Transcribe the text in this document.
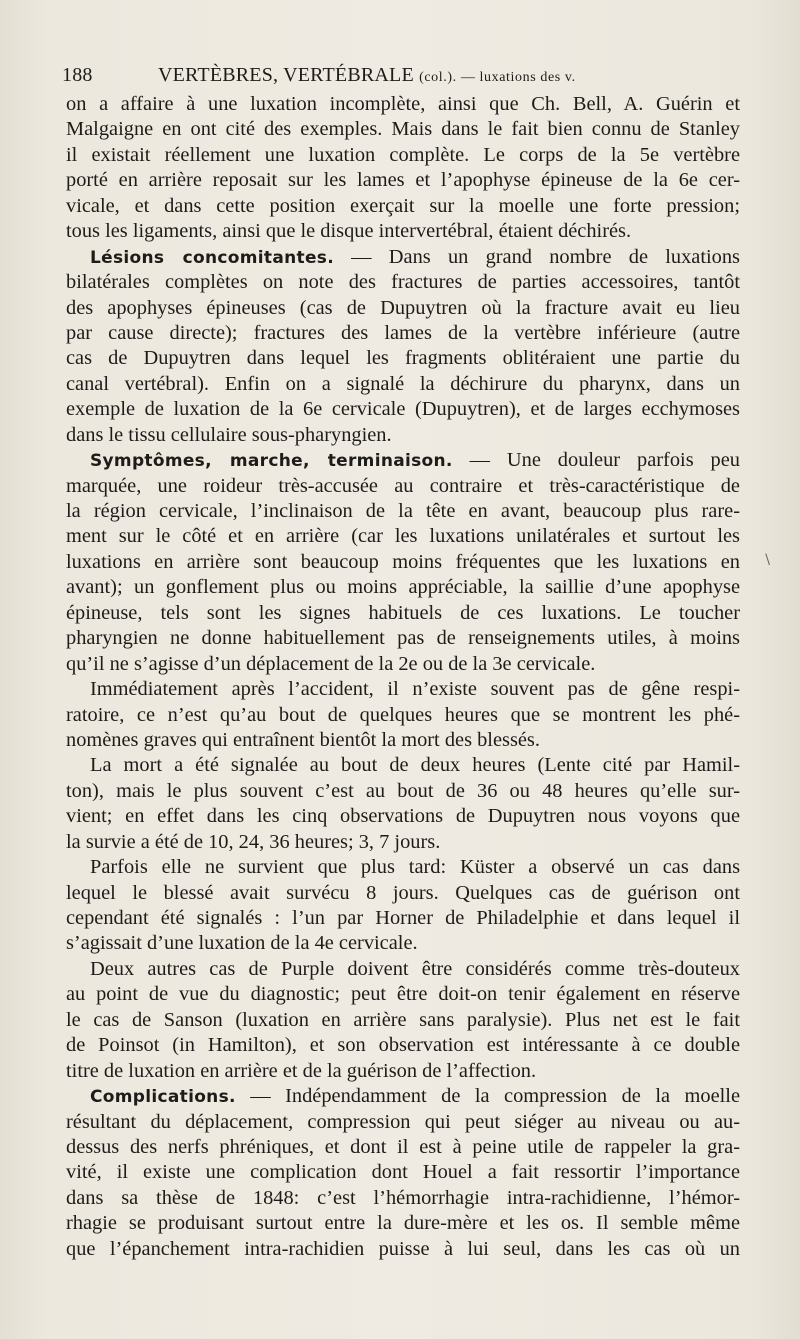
188	VERTÈBRES, VERTÉBRALE (col.). — luxations des v.
on a affaire à une luxation incomplète, ainsi que Ch. Bell, A. Guérin et
Malgaigne en ont cité des exemples. Mais dans le fait bien connu de Stanley
il existait réellement une luxation complète. Le corps de la 5e vertèbre
porté en arrière reposait sur les lames et l’apophyse épineuse de la 6e cer-
vicale, et dans cette position exerçait sur la moelle une forte pression;
tous les ligaments, ainsi que le disque intervertébral, étaient déchirés.
Lésions concomitantes. — Dans un grand nombre de luxations
bilatérales complètes on note des fractures de parties accessoires, tantôt
des apophyses épineuses (cas de Dupuytren où la fracture avait eu lieu
par cause directe); fractures des lames de la vertèbre inférieure (autre
cas de Dupuytren dans lequel les fragments oblitéraient une partie du
canal vertébral). Enfin on a signalé la déchirure du pharynx, dans un
exemple de luxation de la 6e cervicale (Dupuytren), et de larges ecchymoses
dans le tissu cellulaire sous-pharyngien.
Symptômes, marche, terminaison. — Une douleur parfois peu
marquée, une roideur très-accusée au contraire et très-caractéristique de
la région cervicale, l’inclinaison de la tête en avant, beaucoup plus rare-
ment sur le côté et en arrière (car les luxations unilatérales et surtout les
luxations en arrière sont beaucoup moins fréquentes que les luxations en
avant); un gonflement plus ou moins appréciable, la saillie d’une apophyse
épineuse, tels sont les signes habituels de ces luxations. Le toucher
pharyngien ne donne habituellement pas de renseignements utiles, à moins
qu’il ne s’agisse d’un déplacement de la 2e ou de la 3e cervicale.
Immédiatement après l’accident, il n’existe souvent pas de gêne respi-
ratoire, ce n’est qu’au bout de quelques heures que se montrent les phé-
nomènes graves qui entraînent bientôt la mort des blessés.
La mort a été signalée au bout de deux heures (Lente cité par Hamil-
ton), mais le plus souvent c’est au bout de 36 ou 48 heures qu’elle sur-
vient; en effet dans les cinq observations de Dupuytren nous voyons que
la survie a été de 10, 24, 36 heures; 3, 7 jours.
Parfois elle ne survient que plus tard: Küster a observé un cas dans
lequel le blessé avait survécu 8 jours. Quelques cas de guérison ont
cependant été signalés : l’un par Horner de Philadelphie et dans lequel il
s’agissait d’une luxation de la 4e cervicale.
Deux autres cas de Purple doivent être considérés comme très-douteux
au point de vue du diagnostic; peut être doit-on tenir également en réserve
le cas de Sanson (luxation en arrière sans paralysie). Plus net est le fait
de Poinsot (in Hamilton), et son observation est intéressante à ce double
titre de luxation en arrière et de la guérison de l’affection.
Complications. — Indépendamment de la compression de la moelle
résultant du déplacement, compression qui peut siéger au niveau ou au-
dessus des nerfs phréniques, et dont il est à peine utile de rappeler la gra-
vité, il existe une complication dont Houel a fait ressortir l’importance
dans sa thèse de 1848: c’est l’hémorrhagie intra-rachidienne, l’hémor-
rhagie se produisant surtout entre la dure-mère et les os. Il semble même
que l’épanchement intra-rachidien puisse à lui seul, dans les cas où un
\
